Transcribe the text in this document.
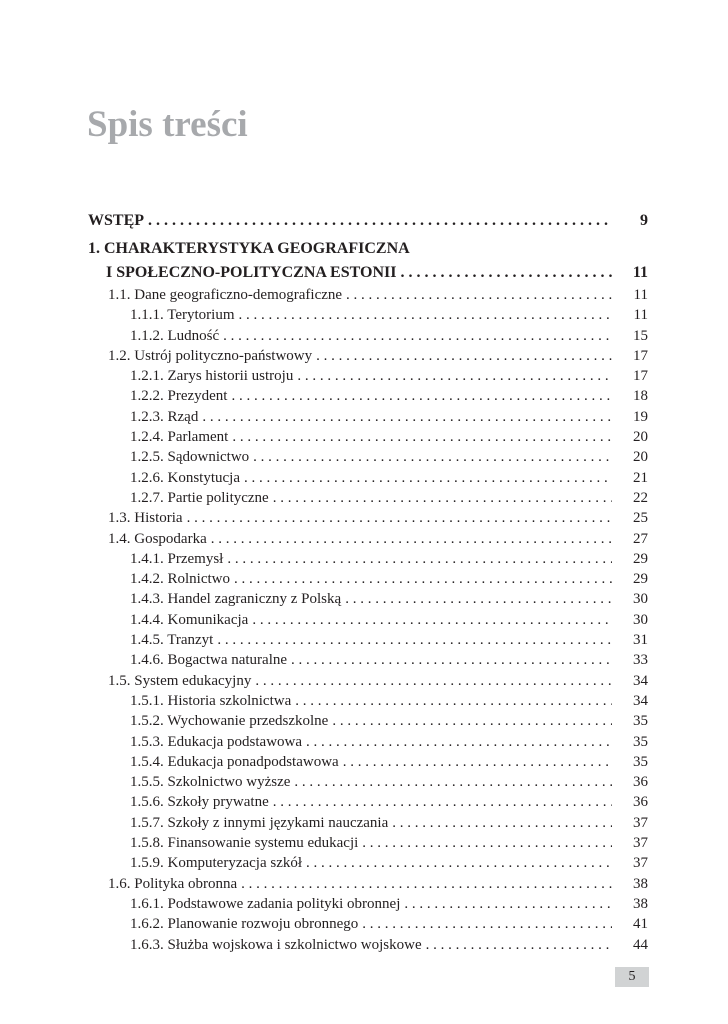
Spis treści
WSTĘP . . .	9
1. CHARAKTERYSTYKA GEOGRAFICZNA
I SPOŁECZNO-POLITYCZNA ESTONII . . .	11
1.1. Dane geograficzno-demograficzne . . .	11
1.1.1. Terytorium . . .	11
1.1.2. Ludność . . .	15
1.2. Ustrój polityczno-państwowy . . .	17
1.2.1. Zarys historii ustroju . . .	17
1.2.2. Prezydent . . .	18
1.2.3. Rząd . . .	19
1.2.4. Parlament . . .	20
1.2.5. Sądownictwo . . .	20
1.2.6. Konstytucja . . .	21
1.2.7. Partie polityczne . . .	22
1.3. Historia . . .	25
1.4. Gospodarka . . .	27
1.4.1. Przemysł . . .	29
1.4.2. Rolnictwo . . .	29
1.4.3. Handel zagraniczny z Polską . . .	30
1.4.4. Komunikacja . . .	30
1.4.5. Tranzyt . . .	31
1.4.6. Bogactwa naturalne . . .	33
1.5. System edukacyjny . . .	34
1.5.1. Historia szkolnictwa . . .	34
1.5.2. Wychowanie przedszkolne . . .	35
1.5.3. Edukacja podstawowa . . .	35
1.5.4. Edukacja ponadpodstawowa . . .	35
1.5.5. Szkolnictwo wyższe . . .	36
1.5.6. Szkoły prywatne . . .	36
1.5.7. Szkoły z innymi językami nauczania . . .	37
1.5.8. Finansowanie systemu edukacji . . .	37
1.5.9. Komputeryzacja szkół . . .	37
1.6. Polityka obronna . . .	38
1.6.1. Podstawowe zadania polityki obronnej . . .	38
1.6.2. Planowanie rozwoju obronnego . . .	41
1.6.3. Służba wojskowa i szkolnictwo wojskowe . . .	44
5
